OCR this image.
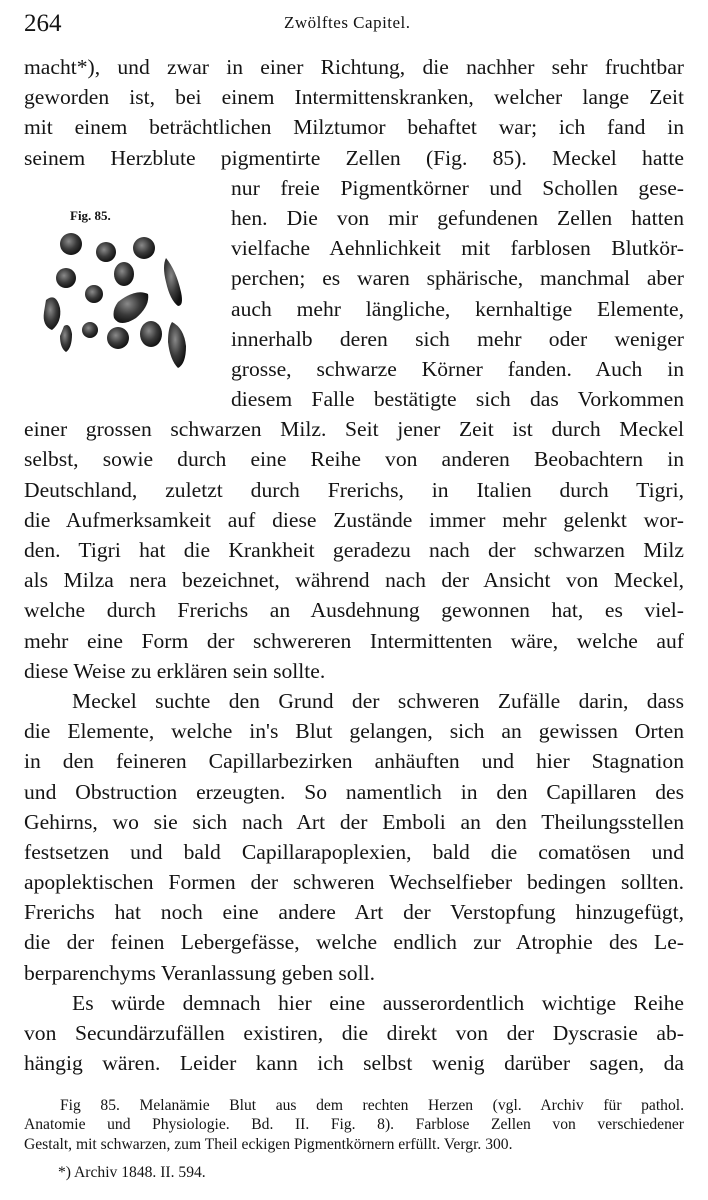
264	Zwölftes Capitel.
macht*), und zwar in einer Richtung, die nachher sehr fruchtbar
geworden ist, bei einem Intermittenskranken, welcher lange Zeit
mit einem beträchtlichen Milztumor behaftet war; ich fand in
seinem Herzblute pigmentirte Zellen (Fig. 85). Meckel hatte
nur freie Pigmentkörner und Schollen gese-
hen. Die von mir gefundenen Zellen hatten
vielfache Aehnlichkeit mit farblosen Blutkör-
perchen; es waren sphärische, manchmal aber
auch mehr längliche, kernhaltige Elemente,
innerhalb deren sich mehr oder weniger
grosse, schwarze Körner fanden. Auch in
diesem Falle bestätigte sich das Vorkommen
einer grossen schwarzen Milz. Seit jener Zeit ist durch Meckel
selbst, sowie durch eine Reihe von anderen Beobachtern in
Deutschland, zuletzt durch Frerichs, in Italien durch Tigri,
die Aufmerksamkeit auf diese Zustände immer mehr gelenkt wor-
den. Tigri hat die Krankheit geradezu nach der schwarzen Milz
als Milza nera bezeichnet, während nach der Ansicht von Meckel,
welche durch Frerichs an Ausdehnung gewonnen hat, es viel-
mehr eine Form der schwereren Intermittenten wäre, welche auf
diese Weise zu erklären sein sollte.
Meckel suchte den Grund der schweren Zufälle darin, dass
die Elemente, welche in's Blut gelangen, sich an gewissen Orten
in den feineren Capillarbezirken anhäuften und hier Stagnation
und Obstruction erzeugten. So namentlich in den Capillaren des
Gehirns, wo sie sich nach Art der Emboli an den Theilungsstellen
festsetzen und bald Capillarapoplexien, bald die comatösen und
apoplektischen Formen der schweren Wechselfieber bedingen sollten.
Frerichs hat noch eine andere Art der Verstopfung hinzugefügt,
die der feinen Lebergefässe, welche endlich zur Atrophie des Le-
berparenchyms Veranlassung geben soll.
Es würde demnach hier eine ausserordentlich wichtige Reihe
von Secundärzufällen existiren, die direkt von der Dyscrasie ab-
hängig wären. Leider kann ich selbst wenig darüber sagen, da
Fig. 85.
Fig 85. Melanämie Blut aus dem rechten Herzen (vgl. Archiv für pathol.
Anatomie und Physiologie. Bd. II. Fig. 8). Farblose Zellen von verschiedener
Gestalt, mit schwarzen, zum Theil eckigen Pigmentkörnern erfüllt. Vergr. 300.
*) Archiv 1848. II. 594.
